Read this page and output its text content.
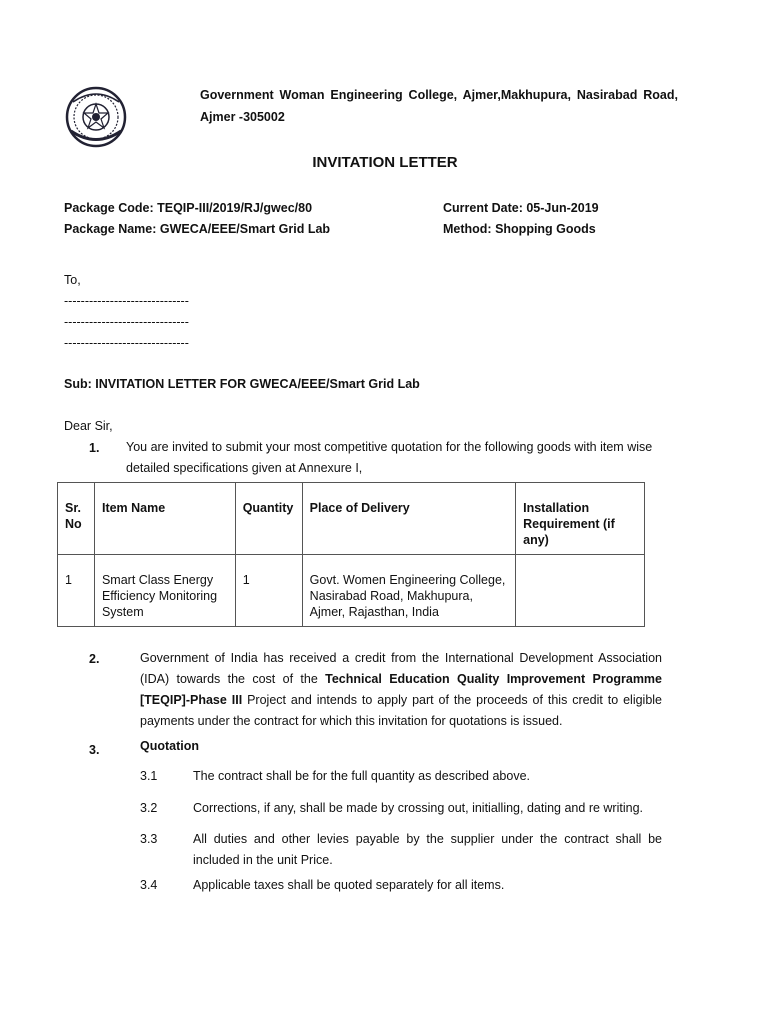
Government Woman Engineering College, Ajmer,Makhupura, Nasirabad Road, Ajmer -305002
INVITATION LETTER
Package Code: TEQIP-III/2019/RJ/gwec/80
Package Name: GWECA/EEE/Smart Grid Lab
Current Date: 05-Jun-2019
Method: Shopping Goods
To,
------------------------------
------------------------------
------------------------------
Sub: INVITATION LETTER FOR GWECA/EEE/Smart Grid Lab
Dear Sir,
1. You are invited to submit your most competitive quotation for the following goods with item wise
detailed specifications given at Annexure I,
Sr. No	Item Name	Quantity	Place of Delivery	Installation Requirement (if any)
1	Smart Class Energy Efficiency Monitoring System	1	Govt. Women Engineering College, Nasirabad Road, Makhupura, Ajmer, Rajasthan, India	
2.	Government of India has received a credit from the International Development Association (IDA) towards the cost of the Technical Education Quality Improvement Programme [TEQIP]-Phase III Project and intends to apply part of the proceeds of this credit to eligible payments under the contract for which this invitation for quotations is issued.
3.	Quotation
3.1	The contract shall be for the full quantity as described above.
3.2	Corrections, if any, shall be made by crossing out, initialling, dating and re writing.
3.3	All duties and other levies payable by the supplier under the contract shall be included in the unit Price.
3.4	Applicable taxes shall be quoted separately for all items.
